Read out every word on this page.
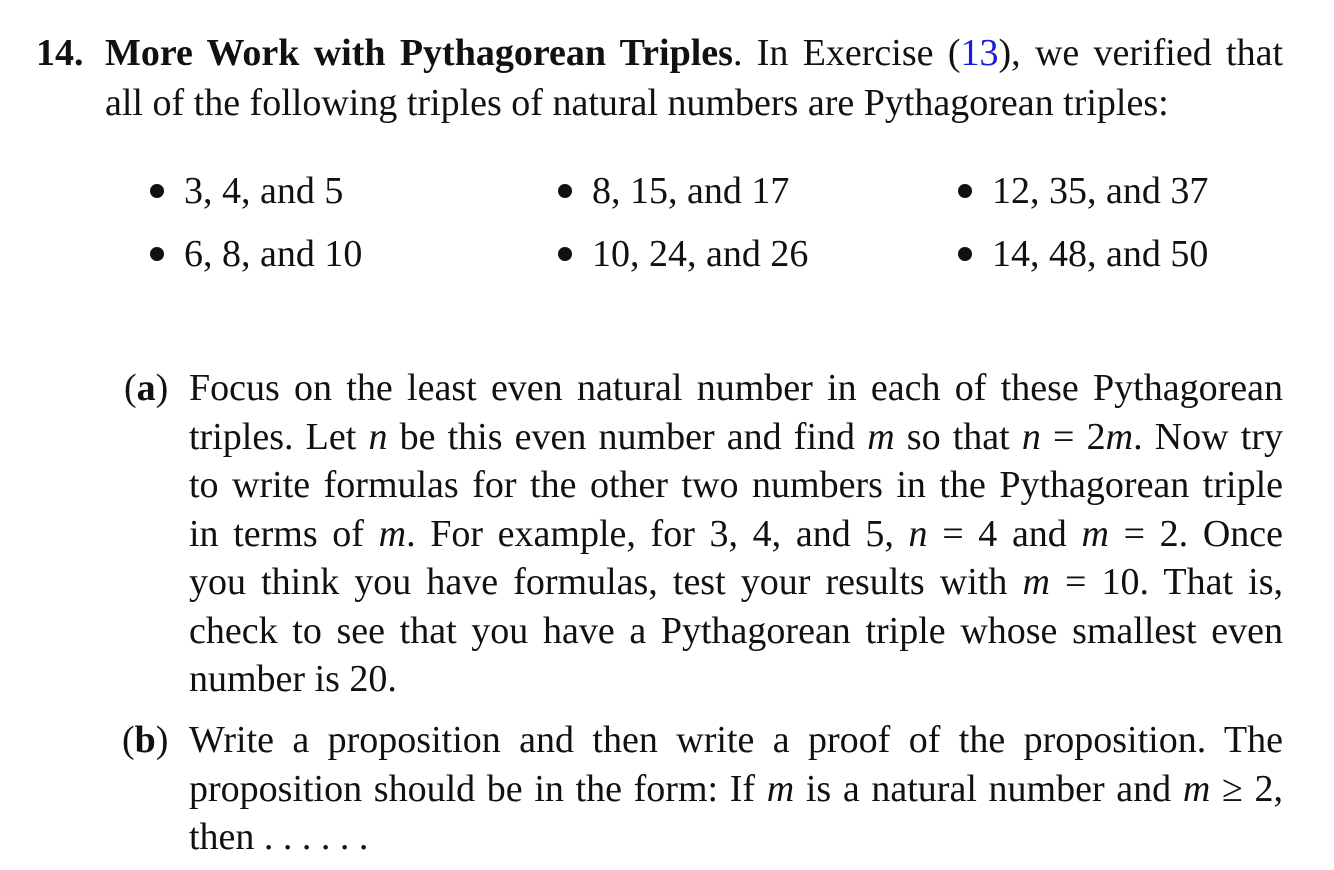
14. More Work with Pythagorean Triples. In Exercise (13), we verified that
all of the following triples of natural numbers are Pythagorean triples:
3, 4, and 5	8, 15, and 17	12, 35, and 37
6, 8, and 10	10, 24, and 26	14, 48, and 50
(a) Focus on the least even natural number in each of these Pythagorean
triples. Let n be this even number and find m so that n = 2m. Now try
to write formulas for the other two numbers in the Pythagorean triple
in terms of m. For example, for 3, 4, and 5, n = 4 and m = 2. Once
you think you have formulas, test your results with m = 10. That is,
check to see that you have a Pythagorean triple whose smallest even
number is 20.
(b) Write a proposition and then write a proof of the proposition. The
proposition should be in the form: If m is a natural number and m ≥ 2,
then . . . . . .
